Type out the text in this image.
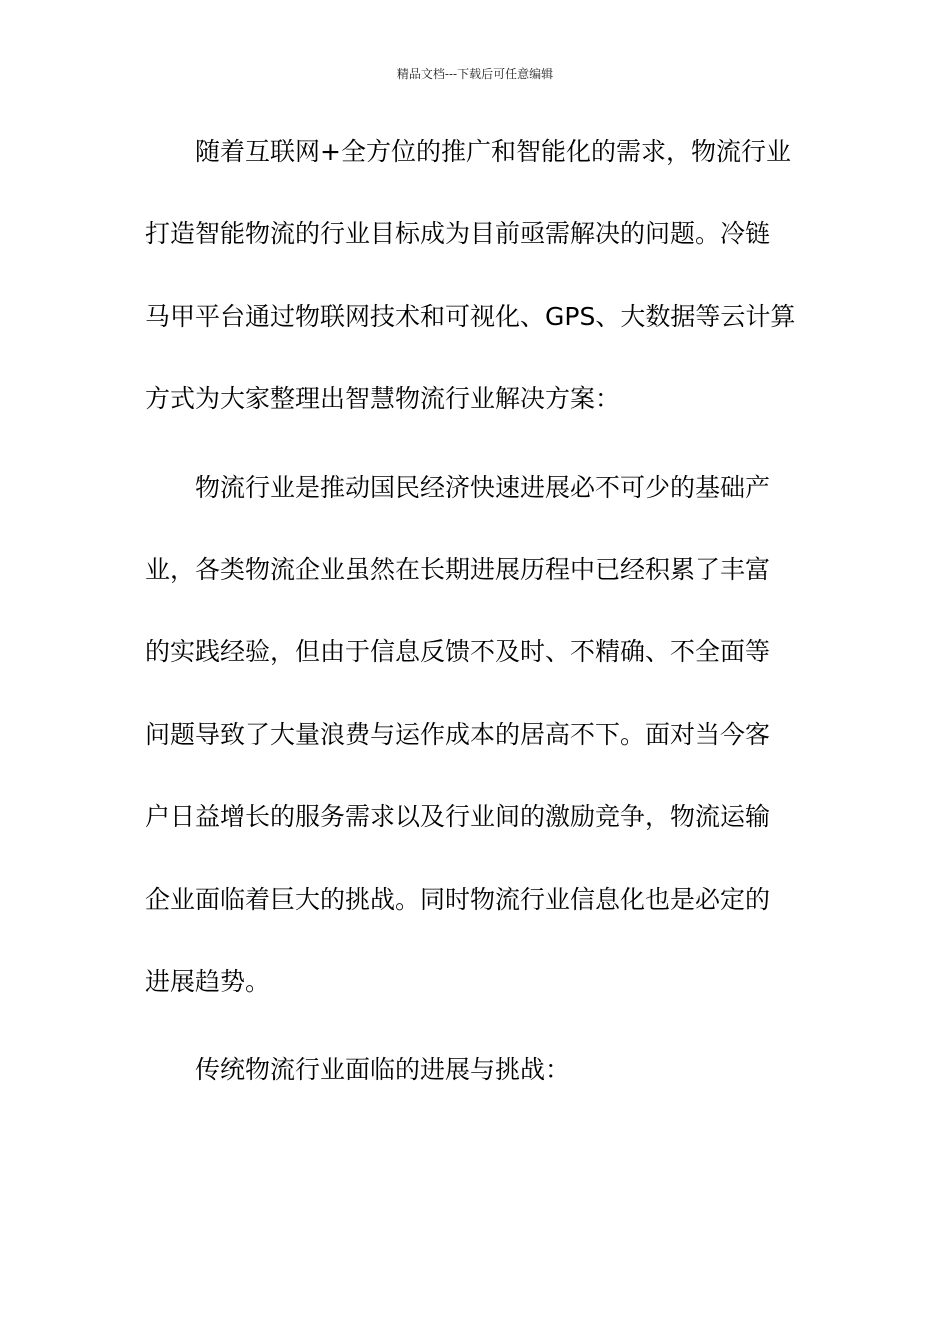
精品文档---下载后可任意编辑
随着互联网+全方位的推广和智能化的需求，物流行业
打造智能物流的行业目标成为目前亟需解决的问题。冷链
马甲平台通过物联网技术和可视化、GPS、大数据等云计算
方式为大家整理出智慧物流行业解决方案：
物流行业是推动国民经济快速进展必不可少的基础产
业，各类物流企业虽然在长期进展历程中已经积累了丰富
的实践经验，但由于信息反馈不及时、不精确、不全面等
问题导致了大量浪费与运作成本的居高不下。面对当今客
户日益增长的服务需求以及行业间的激励竞争，物流运输
企业面临着巨大的挑战。同时物流行业信息化也是必定的
进展趋势。
传统物流行业面临的进展与挑战：
